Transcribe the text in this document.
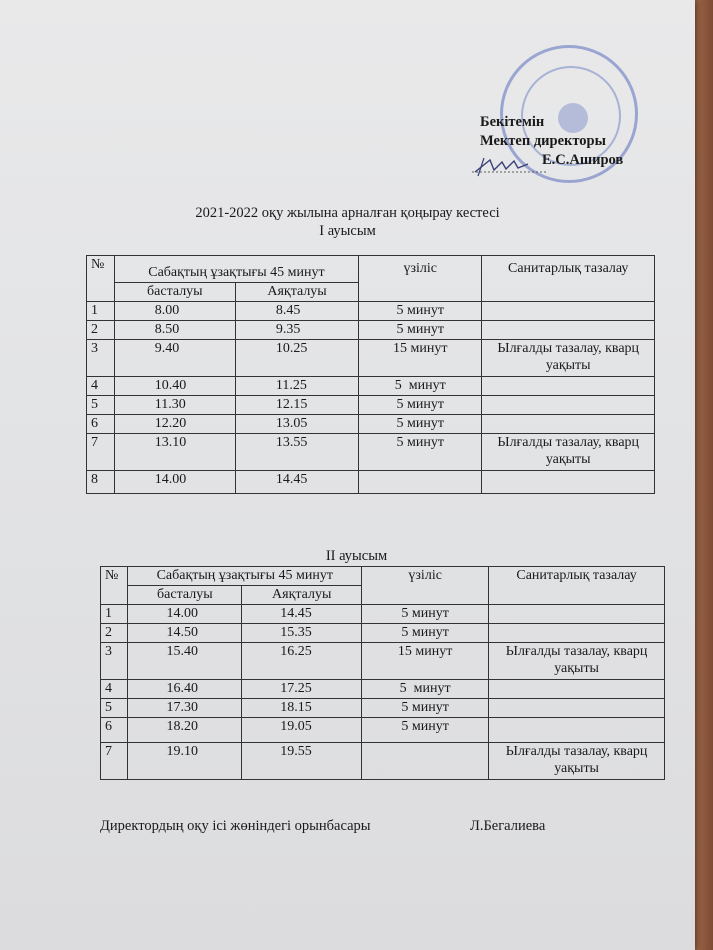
Бекітемін
Мектеп директоры
Е.С.Аширов
2021-2022 оқу жылына арналған қоңырау кестесі
I ауысым
№	Сабақтың ұзақтығы 45 минут		үзіліс	Санитарлық тазалау
	басталуы	Аяқталуы		
1	8.00	8.45	5 минут	
2	8.50	9.35	5 минут	
3	9.40	10.25	15 минут	Ылғалды тазалау, кварц уақыты
4	10.40	11.25	5  минут	
5	11.30	12.15	5 минут	
6	12.20	13.05	5 минут	
7	13.10	13.55	5 минут	Ылғалды тазалау, кварц уақыты
8	14.00	14.45		
II ауысым
№	Сабақтың ұзақтығы 45 минут		үзіліс	Санитарлық тазалау
	басталуы	Аяқталуы		
1	14.00	14.45	5 минут	
2	14.50	15.35	5 минут	
3	15.40	16.25	15 минут	Ылғалды тазалау, кварц уақыты
4	16.40	17.25	5  минут	
5	17.30	18.15	5 минут	
6	18.20	19.05	5 минут	
7	19.10	19.55		Ылғалды тазалау, кварц уақыты
Директордың оқу ісі жөніндегі орынбасары	Л.Бегалиева
